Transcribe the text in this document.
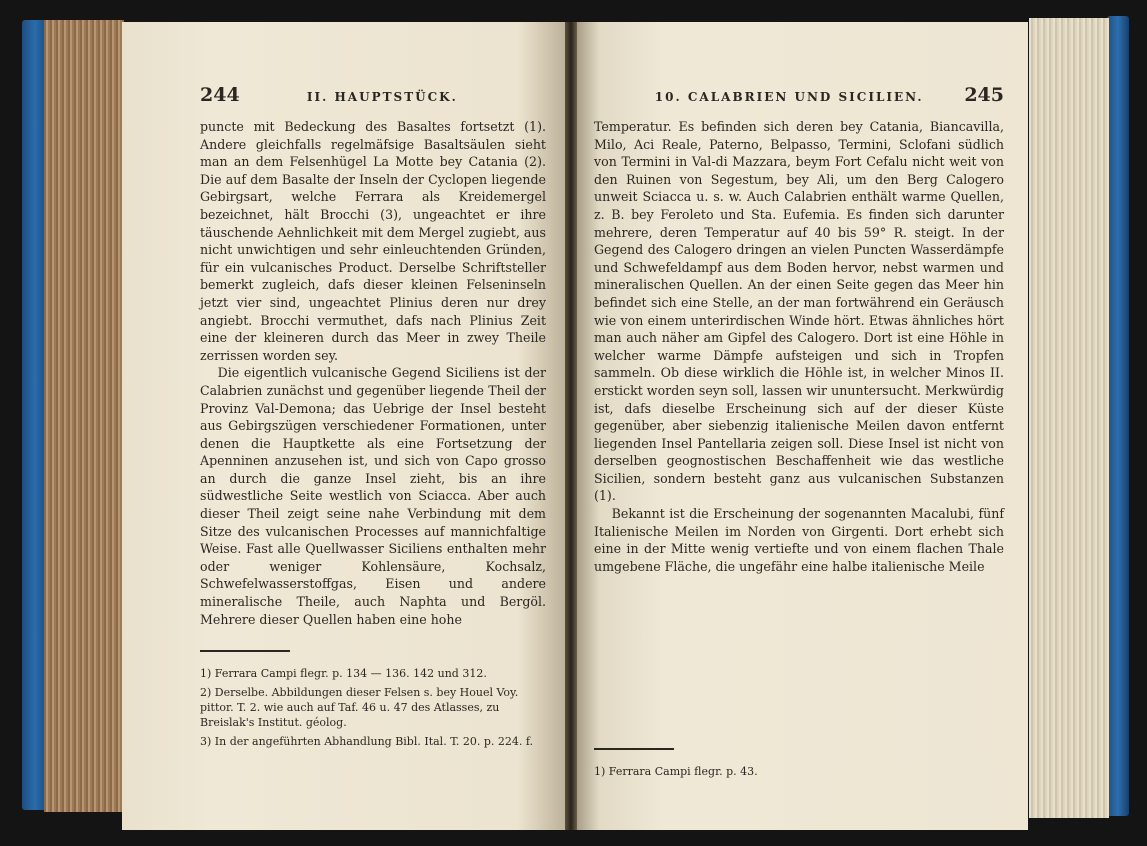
244	II. HAUPTSTÜCK.

puncte mit Bedeckung des Basaltes fortsetzt (1). Andere gleichfalls regelmäfsige Basaltsäulen sieht man an dem Felsenhügel La Motte bey Catania (2). Die auf dem Basalte der Inseln der Cyclopen liegende Gebirgsart, welche Ferrara als Kreidemergel bezeichnet, hält Brocchi (3), ungeachtet er ihre täuschende Aehnlichkeit mit dem Mergel zugiebt, aus nicht unwichtigen und sehr einleuchtenden Gründen, für ein vulcanisches Product. Derselbe Schriftsteller bemerkt zugleich, dafs dieser kleinen Felseninseln jetzt vier sind, ungeachtet Plinius deren nur drey angiebt. Brocchi vermuthet, dafs nach Plinius Zeit eine der kleineren durch das Meer in zwey Theile zerrissen worden sey.

Die eigentlich vulcanische Gegend Siciliens ist der Calabrien zunächst und gegenüber liegende Theil der Provinz Val-Demona; das Uebrige der Insel besteht aus Gebirgszügen verschiedener Formationen, unter denen die Hauptkette als eine Fortsetzung der Apenninen anzusehen ist, und sich von Capo grosso an durch die ganze Insel zieht, bis an ihre südwestliche Seite westlich von Sciacca. Aber auch dieser Theil zeigt seine nahe Verbindung mit dem Sitze des vulcanischen Processes auf mannichfaltige Weise. Fast alle Quellwasser Siciliens enthalten mehr oder weniger Kohlensäure, Kochsalz, Schwefelwasserstoffgas, Eisen und andere mineralische Theile, auch Naphta und Bergöl. Mehrere dieser Quellen haben eine hohe

1) Ferrara Campi flegr. p. 134 — 136. 142 und 312.
2) Derselbe. Abbildungen dieser Felsen s. bey Houel Voy. pittor. T. 2. wie auch auf Taf. 46 u. 47 des Atlasses, zu Breislak's Institut. géolog.
3) In der angeführten Abhandlung Bibl. Ital. T. 20. p. 224. f.
10. CALABRIEN UND SICILIEN. 245

Temperatur. Es befinden sich deren bey Catania, Biancavilla, Milo, Aci Reale, Paterno, Belpasso, Termini, Sclofani südlich von Termini in Val-di Mazzara, beym Fort Cefalu nicht weit von den Ruinen von Segestum, bey Ali, um den Berg Calogero unweit Sciacca u. s. w. Auch Calabrien enthält warme Quellen, z. B. bey Feroleto und Sta. Eufemia. Es finden sich darunter mehrere, deren Temperatur auf 40 bis 59° R. steigt. In der Gegend des Calogero dringen an vielen Puncten Wasserdämpfe und Schwefeldampf aus dem Boden hervor, nebst warmen und mineralischen Quellen. An der einen Seite gegen das Meer hin befindet sich eine Stelle, an der man fortwährend ein Geräusch wie von einem unterirdischen Winde hört. Etwas ähnliches hört man auch näher am Gipfel des Calogero. Dort ist eine Höhle in welcher warme Dämpfe aufsteigen und sich in Tropfen sammeln. Ob diese wirklich die Höhle ist, in welcher Minos II. erstickt worden seyn soll, lassen wir ununtersucht. Merkwürdig ist, dafs dieselbe Erscheinung sich auf der dieser Küste gegenüber, aber siebenzig italienische Meilen davon entfernt liegenden Insel Pantellaria zeigen soll. Diese Insel ist nicht von derselben geognostischen Beschaffenheit wie das westliche Sicilien, sondern besteht ganz aus vulcanischen Substanzen (1).

Bekannt ist die Erscheinung der sogenannten Macalubi, fünf Italienische Meilen im Norden von Girgenti. Dort erhebt sich eine in der Mitte wenig vertiefte und von einem flachen Thale umgebene Fläche, die ungefähr eine halbe italienische Meile

1) Ferrara Campi flegr. p. 43.
